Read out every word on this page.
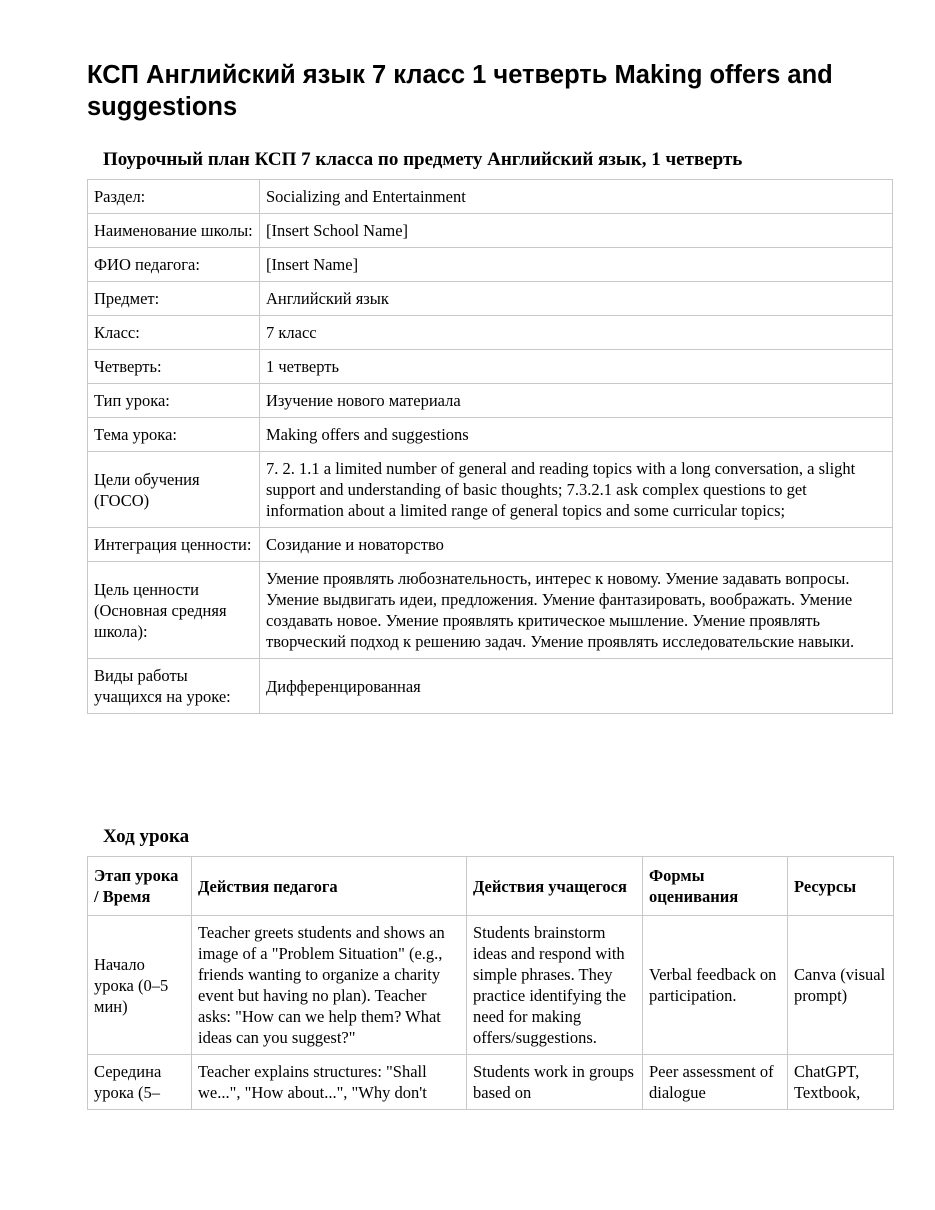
КСП Английский язык 7 класс 1 четверть Making offers and suggestions
Поурочный план КСП 7 класса по предмету Английский язык, 1 четверть
Раздел:	Socializing and Entertainment
Наименование школы:	[Insert School Name]
ФИО педагога:	[Insert Name]
Предмет:	Английский язык
Класс:	7 класс
Четверть:	1 четверть
Тип урока:	Изучение нового материала
Тема урока:	Making offers and suggestions
Цели обучения (ГОСО)	7. 2. 1.1 a limited number of general and reading topics with a long conversation, a slight support and understanding of basic thoughts; 7.3.2.1 ask complex questions to get information about a limited range of general topics and some curricular topics;
Интеграция ценности:	Созидание и новаторство
Цель ценности (Основная средняя школа):	Умение проявлять любознательность, интерес к новому. Умение задавать вопросы. Умение выдвигать идеи, предложения. Умение фантазировать, воображать. Умение создавать новое. Умение проявлять критическое мышление. Умение проявлять творческий подход к решению задач. Умение проявлять исследовательские навыки.
Виды работы учащихся на уроке:	Дифференцированная
Ход урока
Этап урока / Время	Действия педагога	Действия учащегося	Формы оценивания	Ресурсы
Начало урока (0–5 мин)	Teacher greets students and shows an image of a "Problem Situation" (e.g., friends wanting to organize a charity event but having no plan). Teacher asks: "How can we help them? What ideas can you suggest?"	Students brainstorm ideas and respond with simple phrases. They practice identifying the need for making offers/suggestions.	Verbal feedback on participation.	Canva (visual prompt)
Середина урока (5–	Teacher explains structures: "Shall we...", "How about...", "Why don't	Students work in groups based on	Peer assessment of dialogue	ChatGPT, Textbook,
